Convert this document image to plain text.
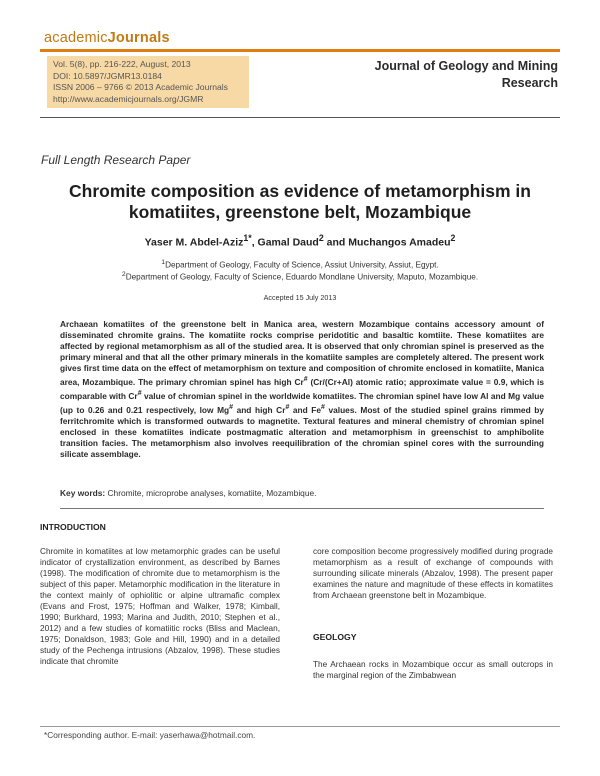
academicJournals
Vol. 5(8), pp. 216-222, August, 2013
DOI: 10.5897/JGMR13.0184
ISSN 2006 – 9766 © 2013 Academic Journals
http://www.academicjournals.org/JGMR
Journal of Geology and Mining
Research
Full Length Research Paper
Chromite composition as evidence of metamorphism in
komatiites, greenstone belt, Mozambique
Yaser M. Abdel-Aziz$^{1*}$, Gamal Daud$^2$ and Muchangos Amadeu$^2$
$^1$Department of Geology, Faculty of Science, Assiut University, Assiut, Egypt.
$^2$Department of Geology, Faculty of Science, Eduardo Mondlane University, Maputo, Mozambique.
Accepted 15 July 2013
Archaean komatiites of the greenstone belt in Manica area, western Mozambique contains accessory amount of disseminated chromite grains. The komatiite rocks comprise peridotitic and basaltic komtiite. These komatiites are affected by regional metamorphism as all of the studied area. It is observed that only chromian spinel is preserved as the primary mineral and that all the other primary minerals in the komatiite samples are completely altered. The present work gives first time data on the effect of metamorphism on texture and composition of chromite enclosed in komatiite, Manica area, Mozambique. The primary chromian spinel has high Cr# (Cr/(Cr+Al) atomic ratio; approximate value = 0.9, which is comparable with Cr# value of chromian spinel in the worldwide komatiites. The chromian spinel have low Al and Mg value (up to 0.26 and 0.21 respectively, low Mg# and high Cr# and Fe# values. Most of the studied spinel grains rimmed by ferritchromite which is transformed outwards to magnetite. Textural features and mineral chemistry of chromian spinel enclosed in these komatiites indicate postmagmatic alteration and metamorphism in greenschist to amphibolite transition facies. The metamorphism also involves reequilibration of the chromian spinel cores with the surrounding silicate assemblage.
Key words: Chromite, microprobe analyses, komatiite, Mozambique.
INTRODUCTION
Chromite in komatiites at low metamorphic grades can be useful indicator of crystallization environment, as described by Barnes (1998). The modification of chromite due to metamorphism is the subject of this paper. Metamorphic modification in the literature in the context mainly of ophiolitic or alpine ultramafic complex (Evans and Frost, 1975; Hoffman and Walker, 1978; Kimball, 1990; Burkhard, 1993; Marina and Judith, 2010; Stephen et al., 2012) and a few studies of komatiitic rocks (Bliss and Maclean, 1975; Donaldson, 1983; Gole and Hill, 1990) and in a detailed study of the Pechenga intrusions (Abzalov, 1998). These studies indicate that chromite
core composition become progressively modified during prograde metamorphism as a result of exchange of compounds with surrounding silicate minerals (Abzalov, 1998). The present paper examines the nature and magnitude of these effects in komatiites from Archaean greenstone belt in Mozambique.
GEOLOGY
The Archaean rocks in Mozambique occur as small outcrops in the marginal region of the Zimbabwean
*Corresponding author. E-mail: yaserhawa@hotmail.com.
